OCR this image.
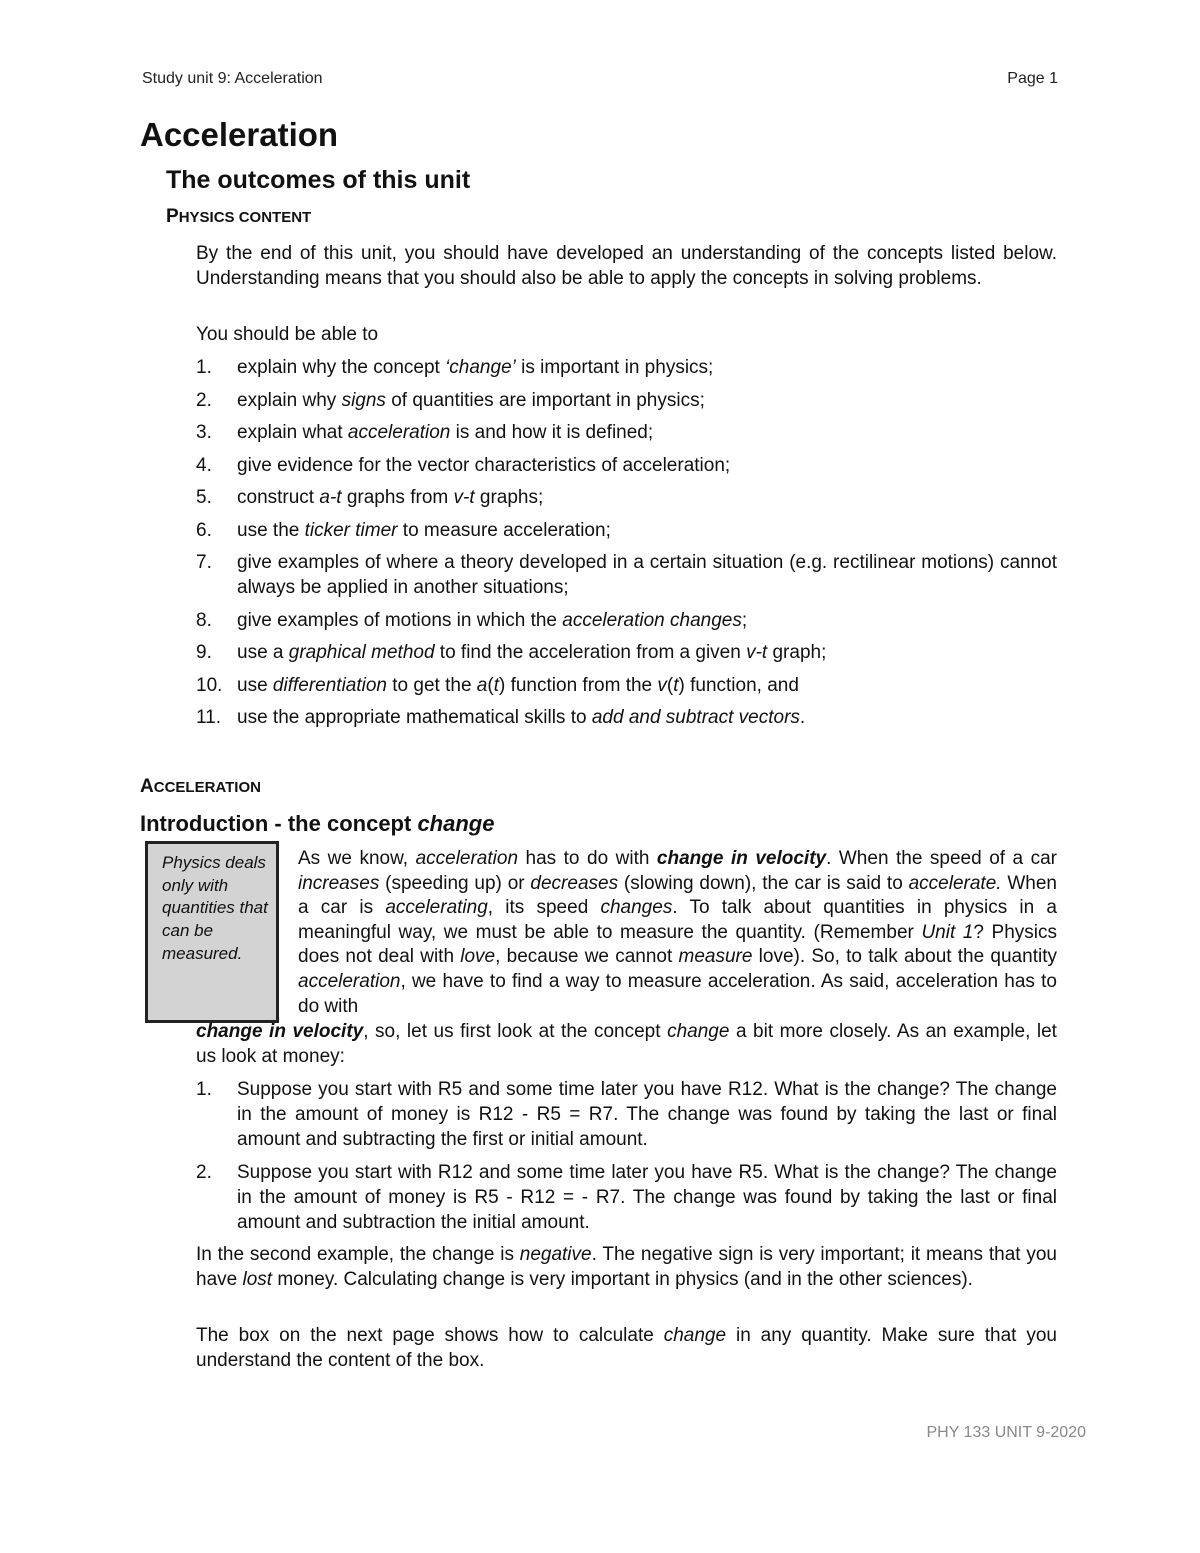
Study unit 9: Acceleration	Page 1
Acceleration
The outcomes of this unit
PHYSICS CONTENT

By the end of this unit, you should have developed an understanding of the concepts listed below. Understanding means that you should also be able to apply the concepts in solving problems.

You should be able to

1. explain why the concept ‘change’ is important in physics;
2. explain why signs of quantities are important in physics;
3. explain what acceleration is and how it is defined;
4. give evidence for the vector characteristics of acceleration;
5. construct a-t graphs from v-t graphs;
6. use the ticker timer to measure acceleration;
7. give examples of where a theory developed in a certain situation (e.g. rectilinear motions) cannot always be applied in another situations;
8. give examples of motions in which the acceleration changes;
9. use a graphical method to find the acceleration from a given v-t graph;
10. use differentiation to get the a(t) function from the v(t) function, and
11. use the appropriate mathematical skills to add and subtract vectors.
ACCELERATION
Introduction - the concept change
Physics deals only with quantities that can be measured.

As we know, acceleration has to do with change in velocity. When the speed of a car increases (speeding up) or decreases (slowing down), the car is said to accelerate. When a car is accelerating, its speed changes. To talk about quantities in physics in a meaningful way, we must be able to measure the quantity. (Remember Unit 1? Physics does not deal with love, because we cannot measure love). So, to talk about the quantity acceleration, we have to find a way to measure acceleration. As said, acceleration has to do with

change in velocity, so, let us first look at the concept change a bit more closely. As an example, let us look at money:

1. Suppose you start with R5 and some time later you have R12. What is the change? The change in the amount of money is R12 - R5 = R7. The change was found by taking the last or final amount and subtracting the first or initial amount.
2. Suppose you start with R12 and some time later you have R5. What is the change? The change in the amount of money is R5 - R12 = - R7. The change was found by taking the last or final amount and subtraction the initial amount.

In the second example, the change is negative. The negative sign is very important; it means that you have lost money. Calculating change is very important in physics (and in the other sciences).

The box on the next page shows how to calculate change in any quantity. Make sure that you understand the content of the box.

PHY 133 UNIT 9-2020
